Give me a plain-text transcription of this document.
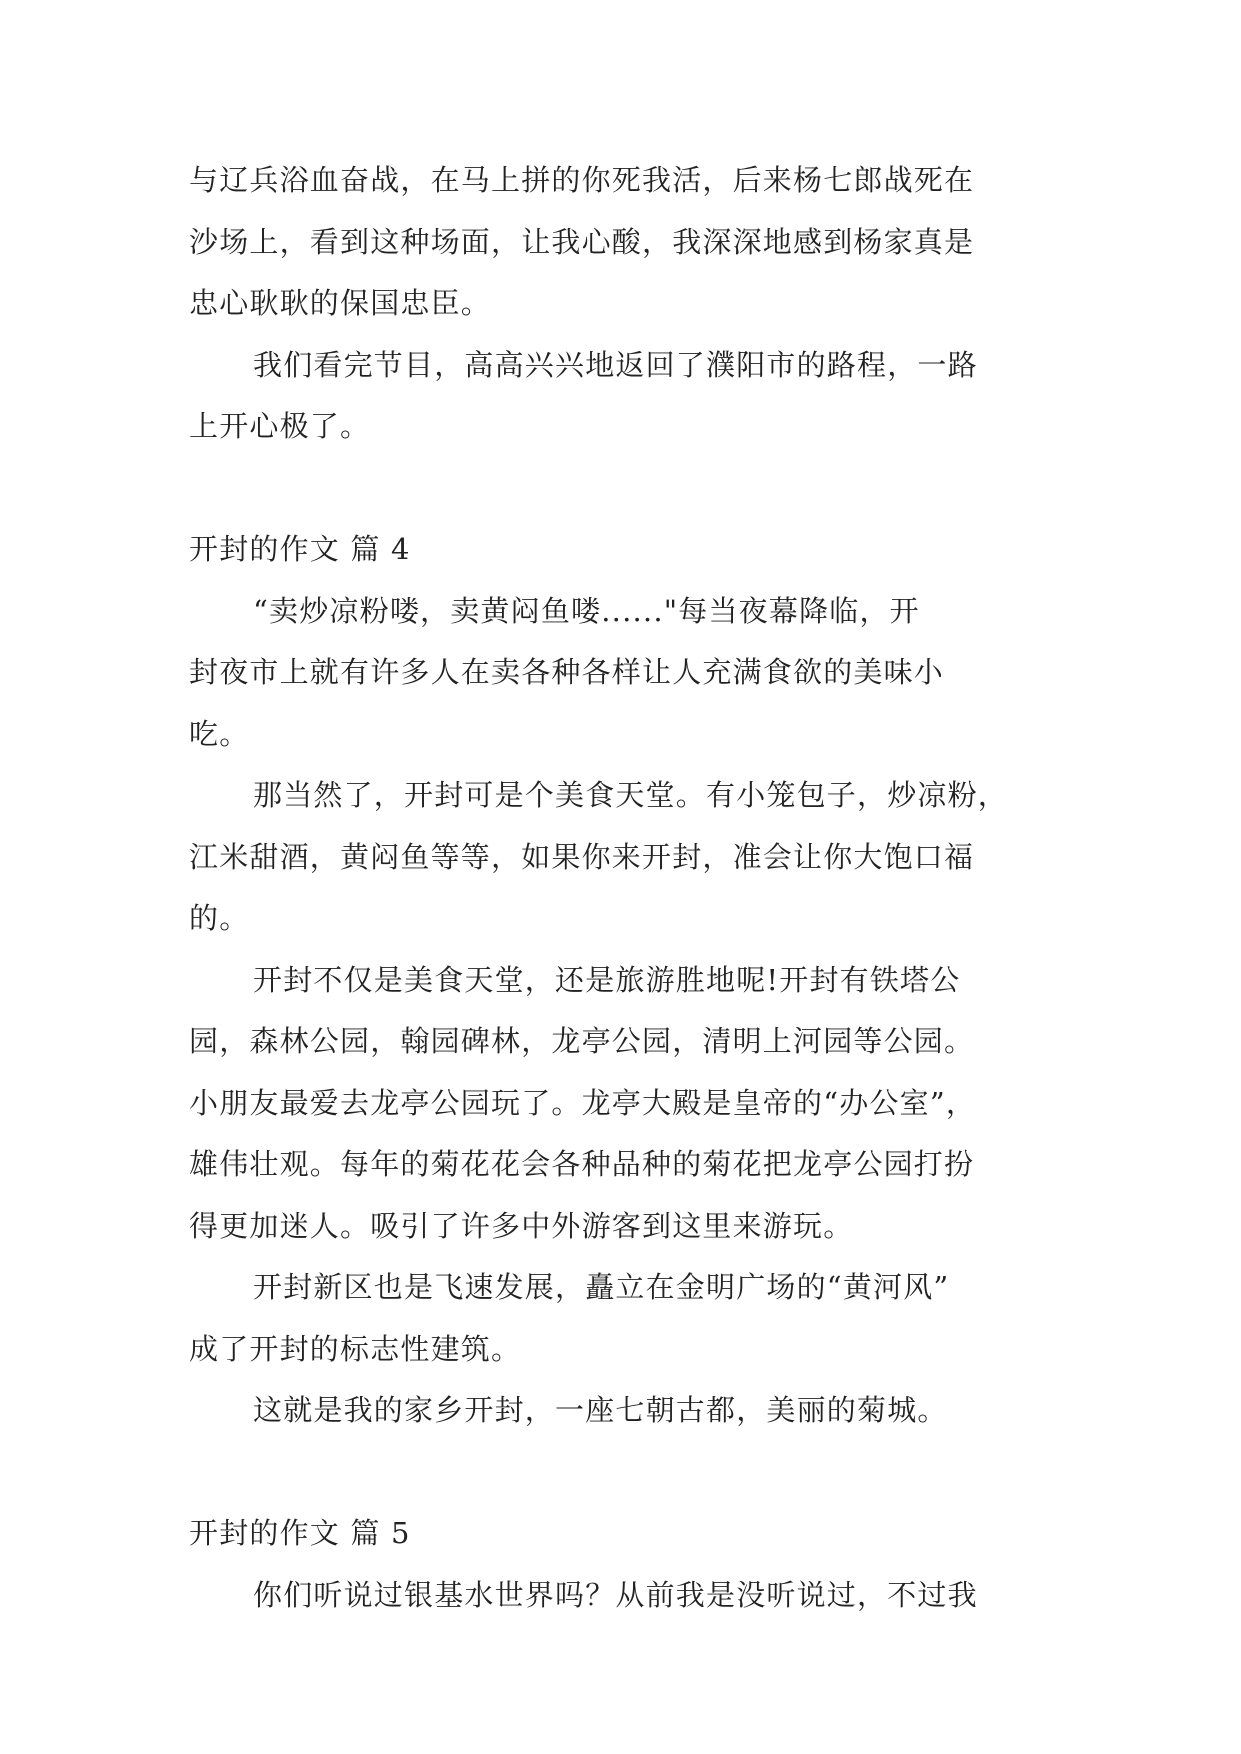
与辽兵浴血奋战，在马上拼的你死我活，后来杨七郎战死在
沙场上，看到这种场面，让我心酸，我深深地感到杨家真是
忠心耿耿的保国忠臣。
我们看完节目，高高兴兴地返回了濮阳市的路程，一路
上开心极了。
开封的作文 篇 4
“卖炒凉粉喽，卖黄闷鱼喽......"每当夜幕降临，开
封夜市上就有许多人在卖各种各样让人充满食欲的美味小
吃。
那当然了，开封可是个美食天堂。有小笼包子，炒凉粉，
江米甜酒，黄闷鱼等等，如果你来开封，准会让你大饱口福
的。
开封不仅是美食天堂，还是旅游胜地呢!开封有铁塔公
园，森林公园，翰园碑林，龙亭公园，清明上河园等公园。
小朋友最爱去龙亭公园玩了。龙亭大殿是皇帝的“办公室”，
雄伟壮观。每年的菊花花会各种品种的菊花把龙亭公园打扮
得更加迷人。吸引了许多中外游客到这里来游玩。
开封新区也是飞速发展，矗立在金明广场的“黄河风”
成了开封的标志性建筑。
这就是我的家乡开封，一座七朝古都，美丽的菊城。
开封的作文 篇 5
你们听说过银基水世界吗？从前我是没听说过，不过我
